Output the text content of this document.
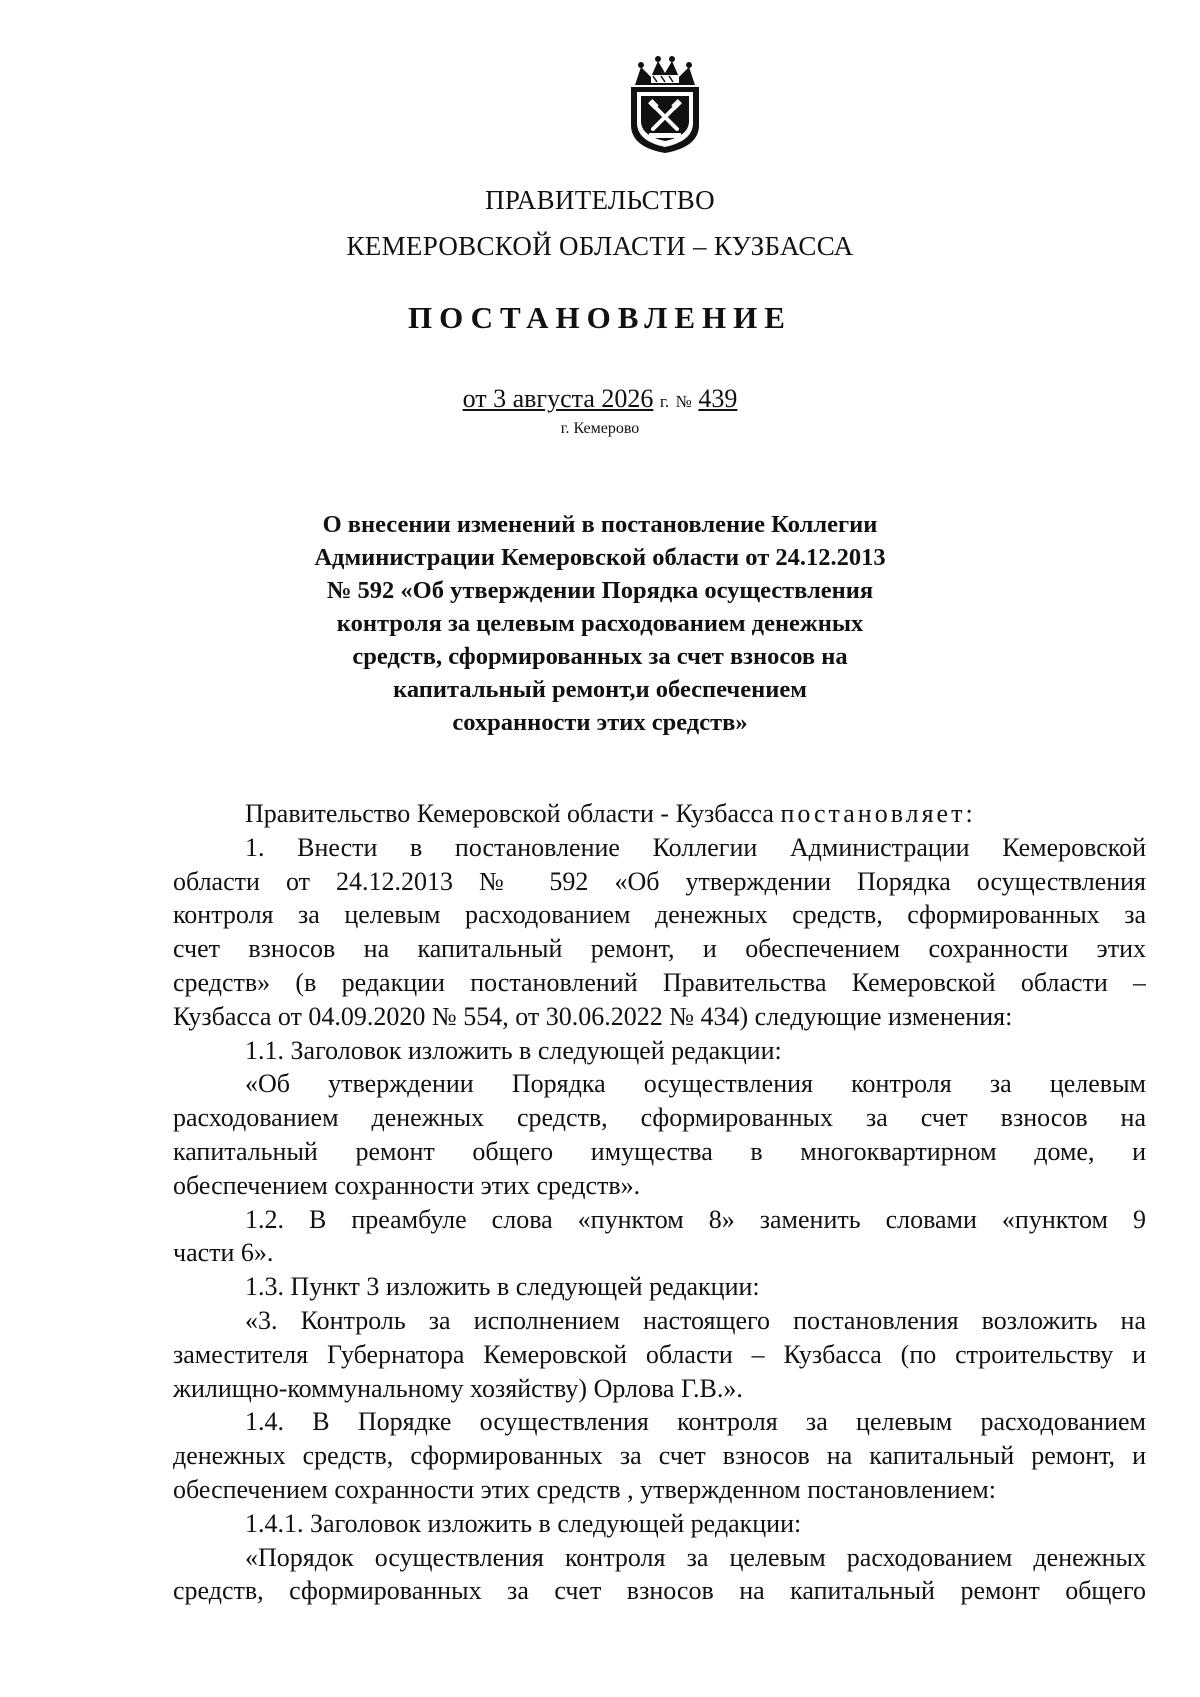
ПРАВИТЕЛЬСТВО
КЕМЕРОВСКОЙ ОБЛАСТИ – КУЗБАССА
ПОСТАНОВЛЕНИЕ
от 3 августа 2026 г. № 439
г. Кемерово
О внесении изменений в постановление Коллегии
Администрации Кемеровской области от 24.12.2013
№ 592 «Об утверждении Порядка осуществления
контроля за целевым расходованием денежных
средств, сформированных за счет взносов на
капитальный ремонт,и обеспечением
сохранности этих средств»
Правительство Кемеровской области - Кузбасса постановляет:
1. Внести в постановление Коллегии Администрации Кемеровской
области от 24.12.2013 № 592 «Об утверждении Порядка осуществления
контроля за целевым расходованием денежных средств, сформированных за
счет взносов на капитальный ремонт, и обеспечением сохранности этих
средств» (в редакции постановлений Правительства Кемеровской области –
Кузбасса от 04.09.2020 № 554, от 30.06.2022 № 434) следующие изменения:
1.1. Заголовок изложить в следующей редакции:
«Об утверждении Порядка осуществления контроля за целевым
расходованием денежных средств, сформированных за счет взносов на
капитальный ремонт общего имущества в многоквартирном доме, и
обеспечением сохранности этих средств».
1.2. В преамбуле слова «пунктом 8» заменить словами «пунктом 9
части 6».
1.3. Пункт 3 изложить в следующей редакции:
«3. Контроль за исполнением настоящего постановления возложить на
заместителя Губернатора Кемеровской области – Кузбасса (по строительству и
жилищно-коммунальному хозяйству) Орлова Г.В.».
1.4. В Порядке осуществления контроля за целевым расходованием
денежных средств, сформированных за счет взносов на капитальный ремонт, и
обеспечением сохранности этих средств , утвержденном постановлением:
1.4.1. Заголовок изложить в следующей редакции:
«Порядок осуществления контроля за целевым расходованием денежных
средств, сформированных за счет взносов на капитальный ремонт общего
